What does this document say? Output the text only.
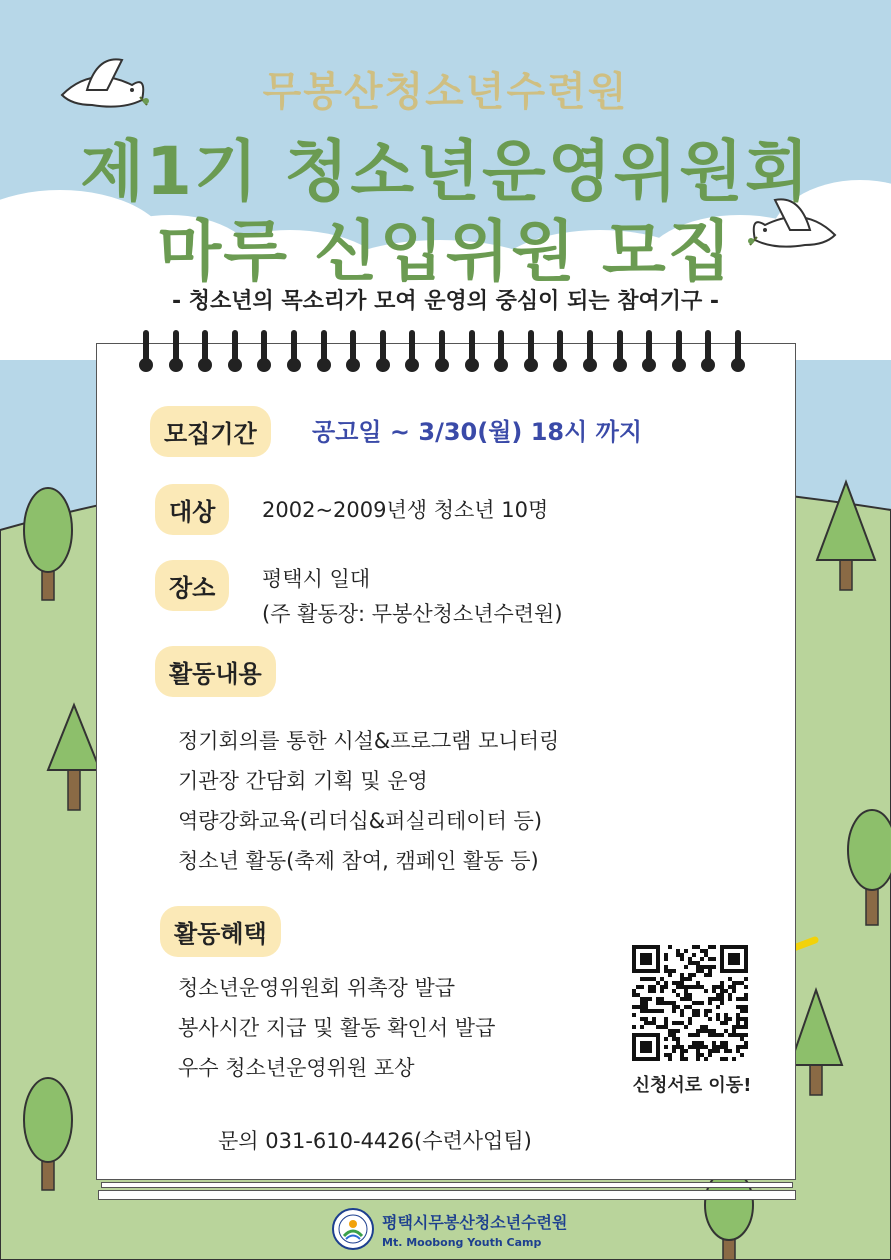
무봉산청소년수련원
제1기 청소년운영위원회
마루 신입위원 모집
- 청소년의 목소리가 모여 운영의 중심이 되는 참여기구 -
모집기간	공고일 ~ 3/30(월) 18시 까지
대상	2002~2009년생 청소년 10명
장소	평택시 일대
(주 활동장: 무봉산청소년수련원)
활동내용
정기회의를 통한 시설&프로그램 모니터링
기관장 간담회 기획 및 운영
역량강화교육(리더십&퍼실리테이터 등)
청소년 활동(축제 참여, 캠페인 활동 등)
활동혜택
청소년운영위원회 위촉장 발급
봉사시간 지급 및 활동 확인서 발급
우수 청소년운영위원 포상
신청서로 이동!
문의 031-610-4426(수련사업팀)
평택시무봉산청소년수련원
Mt. Moobong Youth Camp
